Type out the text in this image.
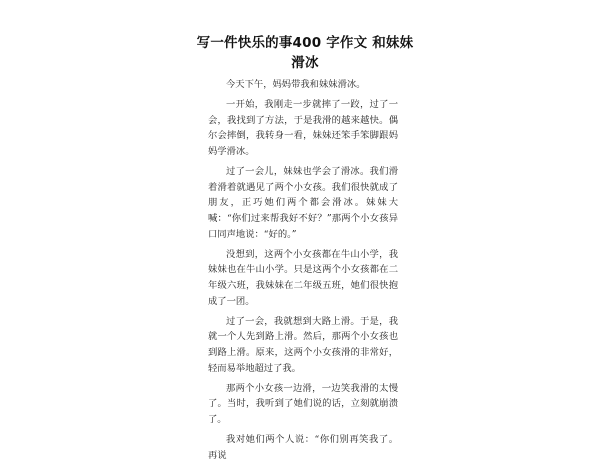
写一件快乐的事400 字作文 和妹妹滑冰

今天下午，妈妈带我和妹妹滑冰。

一开始，我刚走一步就摔了一跤，过了一会，我找到了方法，于是我滑的越来越快。偶尔会摔倒，我转身一看，妹妹还笨手笨脚跟妈妈学滑冰。

过了一会儿，妹妹也学会了滑冰。我们滑着滑着就遇见了两个小女孩。我们很快就成了朋友，正巧她们两个都会滑冰。妹妹大喊：“你们过来帮我好不好？”那两个小女孩异口同声地说：“好的。”

没想到，这两个小女孩都在牛山小学，我妹妹也在牛山小学。只是这两个小女孩都在二年级六班，我妹妹在二年级五班，她们很快抱成了一团。

过了一会，我就想到大路上滑。于是，我就一个人先到路上滑。然后，那两个小女孩也到路上滑。原来，这两个小女孩滑的非常好，轻而易举地超过了我。

那两个小女孩一边滑，一边笑我滑的太慢了。当时，我听到了她们说的话，立刻就崩溃了。

我对她们两个人说：“你们别再笑我了。再说
